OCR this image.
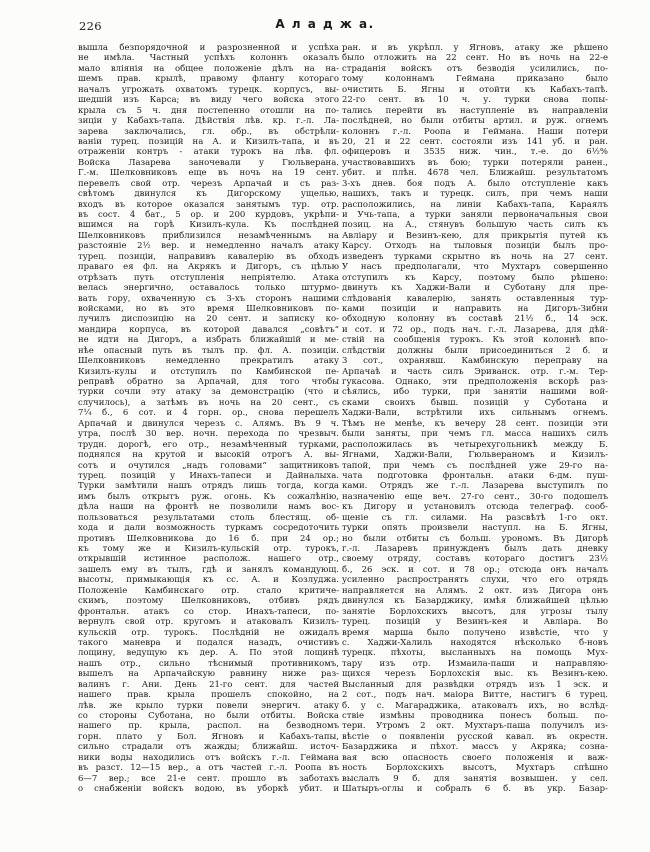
226	А л а д ж а.
вышла безпорядочной и разрозненной и успѣха
не имѣла. Частный успѣхъ колоннъ оказалъ
мало вліянія на общее положеніе дѣлъ на на-
шемъ прав. крылѣ, правому флангу котораго
началъ угрожать охватомъ турецк. корпусъ, вы-
шедшій изъ Карса; въ виду чего войска этого
крыла съ 5 ч. дня постепенно отошли на по-
зиціи у Кабахъ-тапа. Дѣйствія лѣв. кр. г.-л. Ла-
зарева заключались, гл. обр., въ обстрѣли-
ваніи турец. позицій на А. и Кизилъ-тапа, и въ
отраженіи контръ - атаки турокъ на лѣв. фл.
Войска Лазарева заночевали у Гюльверана.
Г.-м. Шелковниковъ еще въ ночь на 19 сент.
перевелъ свой отр. черезъ Арпачай и съ раз-
свѣтомъ двинулся къ Дигорскому ущелью,
входъ въ которое оказался занятымъ тур. отр.
въ сост. 4 бат., 5 ор. и 200 курдовъ, укрѣпи-
вшимся на горѣ Кизилъ-кула. Къ послѣдней
Шелковниковъ приблизился незамѣченнымъ на
разстояніе 2½ вер. и немедленно началъ атаку
турец. позиціи, направивъ кавалерію въ обходъ
праваго ея фл. на Акрякъ и Дигоръ, съ цѣлью
отрѣзать путь отступленія непріятелю. Атака
велась энергично, оставалось только штурмо-
вать гору, охваченную съ 3-хъ сторонъ нашими
войсками, но въ это время Шелковниковъ по-
лучилъ диспозицію на 20 сент. и записку ко-
мандира корпуса, въ которой давался „совѣтъ“
не идти на Дигоръ, а избрать ближайшій и ме-
нѣе опасный путь въ тылъ пр. фл. А. позиціи.
Шелковниковъ немедленно прекратилъ атаку
Кизилъ-кулы и отступилъ по Камбинской пе-
реправѣ обратно за Арпачай, для того чтобы
турки сочли эту атаку за демонстрацію (что и
случилось), а затѣмъ въ ночь на 20 сент., съ
7¼ б., 6 сот. и 4 горн. ор., снова перешелъ
Арпачай и двинулся черезъ с. Алямъ. Въ 9 ч.
утра, послѣ 30 вер. ночн. перехода по чрезвыч.
трудн. дорогѣ, его отр., незамѣченный турками,
поднялся на крутой и высокій отрогъ А. вы-
сотъ и очутился „надъ головами“ защитниковъ
турец. позицій у Инахъ-тапеси и Дайналыха.
Турки замѣтили нашъ отрядъ лишь тогда, когда
имъ былъ открытъ руж. огонь. Къ сожалѣнію,
дѣла наши на фронтѣ не позволили намъ вос-
пользоваться результатами столь блестящ. об-
хода и дали возможность туркамъ сосредоточить
противъ Шелковникова до 16 б. при 24 ор.;
къ тому же и Кизилъ-кульскій отр. турокъ,
открывшій истинное располож. нашего отр.,
зашелъ ему въ тылъ, гдѣ и занялъ командующ.
высоты, примыкающія къ сс. А. и Козлуджа.
Положеніе Камбинскаго отр. стало критиче-
скимъ, поэтому Шелковниковъ, отбивъ рядъ
фронтальн. атакъ со стор. Инахъ-тапеси, по-
вернулъ свой отр. кругомъ и атаковалъ Кизилъ-
кульскій отр. турокъ. Послѣдній не ожидалъ
такого маневра и подался назадъ, очистивъ
лощину, ведущую къ дер. А. По этой лощинѣ
нашъ отр., сильно тѣснимый противникомъ,
вышелъ на Арпачайскую равнину ниже раз-
валинъ г. Ани. День 21-го сент. для частей
нашего прав. крыла прошелъ спокойно, на
лѣв. же крыло турки повели энергич. атаку
со стороны Суботана, но были отбиты. Войска
нашего пр. крыла, распол. на безводномъ
горн. плато у Бол. Ягновъ и Кабахъ-тапы,
сильно страдали отъ жажды; ближайш. источ-
ники воды находились отъ войскъ г.-л. Геймана
въ разст. 12—15 вер., а отъ частей г.-л. Роопа въ
6—7 вер.; все 21-е сент. прошло въ заботахъ
о снабженіи войскъ водою, въ уборкѣ убит. и
ран. и въ укрѣпл. у Ягновъ, атаку же рѣшено
было отложить на 22 сент. Но въ ночь на 22-е
страданія войскъ отъ безводія усилились, по-
тому колоннамъ Геймана приказано было
очистить Б. Ягны и отойти къ Кабахъ-тапѣ.
22-го сент. въ 10 ч. у. турки снова попы-
тались перейти въ наступленіе въ направленіи
послѣдней, но были отбиты артил. и руж. огнемъ
колоннъ г.-л. Роопа и Геймана. Наши потери
20, 21 и 22 сент. состояли изъ 141 уб. и ран.
офицеровъ и 3535 ниж. чин., т.-е. до 6½%
участвовавшихъ въ бою; турки потеряли ранен.,
убит. и плѣн. 4678 чел. Ближайш. результатомъ
3-хъ днев. боя подъ А. было отступленіе какъ
нашихъ, такъ и турецк. силъ, при чемъ наши
расположились, на линіи Кабахъ-тапа, Караялъ
и Учь-тапа, а турки заняли первоначальныя свои
позиц. на А., стянувъ большую часть силъ къ
Авліару и Везинъ-кею, для прикрытія путей къ
Карсу. Отходъ на тыловыя позиціи былъ про-
изведенъ турками скрытно въ ночь на 27 сент.
У насъ предполагали, что Мухтаръ совершенно
отступилъ къ Карсу, поэтому было рѣшено:
двинуть къ Хаджи-Вали и Суботану для пре-
слѣдованія кавалерію, занять оставленныя тур-
ками позиціи и направить на Дигоръ-Зибни
обходную колонну въ составѣ 21½ б., 14 эск.
и сот. и 72 ор., подъ нач. г.-л. Лазарева, для дѣй-
ствій на сообщенія турокъ. Къ этой колоннѣ впо-
слѣдствіи должны были присоединиться 2 б. и
3 сот., охранявш. Камбинскую переправу на
Арпачаѣ и часть силъ Эриванск. отр. г.-м. Тер-
гукасова. Однако, эти предположенія вскорѣ раз-
сѣялись, ибо турки, при занятіи нашими вой-
сками своихъ бывш. позицій у Суботана и
Хаджи-Вали, встрѣтили ихъ сильнымъ огнемъ.
Тѣмъ не менѣе, къ вечеру 28 сент. позиціи эти
были заняты, при чемъ гл. масса нашихъ силъ
расположилась въ четырехугольникѣ между Б.
Ягнами, Хаджи-Вали, Гюльвераномъ и Кизилъ-
тапой, при чемъ съ послѣдней уже 29-го на-
чата подготовка фронтальн. атаки 6-дм. пуш-
ками. Отрядъ же г.-л. Лазарева выступилъ по
назначенію еще веч. 27-го сент., 30-го подошелъ
къ Дигору и установилъ отсюда телеграф. сооб-
щеніе съ гл. силами. На разсвѣтѣ 1-го окт.
турки опять произвели наступл. на Б. Ягны,
но были отбиты съ больш. урономъ. Въ Дигорѣ
г.-л. Лазаревъ принужденъ былъ дать дневку
своему отряду, составъ котораго достигъ 23½
б., 26 эск. и сот. и 78 ор.; отсюда онъ началъ
усиленно распространять слухи, что его отрядъ
направляется на Алямъ. 2 окт. изъ Дигора онъ
двинулся къ Базарджику, имѣя ближайшей цѣлью
занятіе Борлохскихъ высотъ, для угрозы тылу
турец. позицій у Везинъ-кея и Авліара. Во
время марша было получено извѣстіе, что у
с. Хаджи-Халиль находятся нѣсколько б-новъ
турецк. пѣхоты, высланныхъ на помощь Мух-
тару изъ отр. Измаила-паши и направляю-
щихся черезъ Борлохскія выс. къ Везинъ-кею.
Высланный для развѣдки отрядъ изъ 1 эск. и
2 сот., подъ нач. маіора Витте, настигъ 6 турец.
б. у с. Магараджика, атаковалъ ихъ, но вслѣд-
ствіе измѣны проводника понесъ больш. по-
тери. Утромъ 2 окт. Мухтаръ-паша получилъ из-
вѣстіе о появленіи русской кавал. въ окрестн.
Базарджика и пѣхот. массъ у Акряка; созна-
вая всю опасность своего положенія и важ-
ность Борлохскихъ высотъ, Мухтаръ спѣшно
выслалъ 9 б. для занятія возвышен. у сел.
Шатыръ-оглы и собралъ 6 б. въ укр. Базар-
